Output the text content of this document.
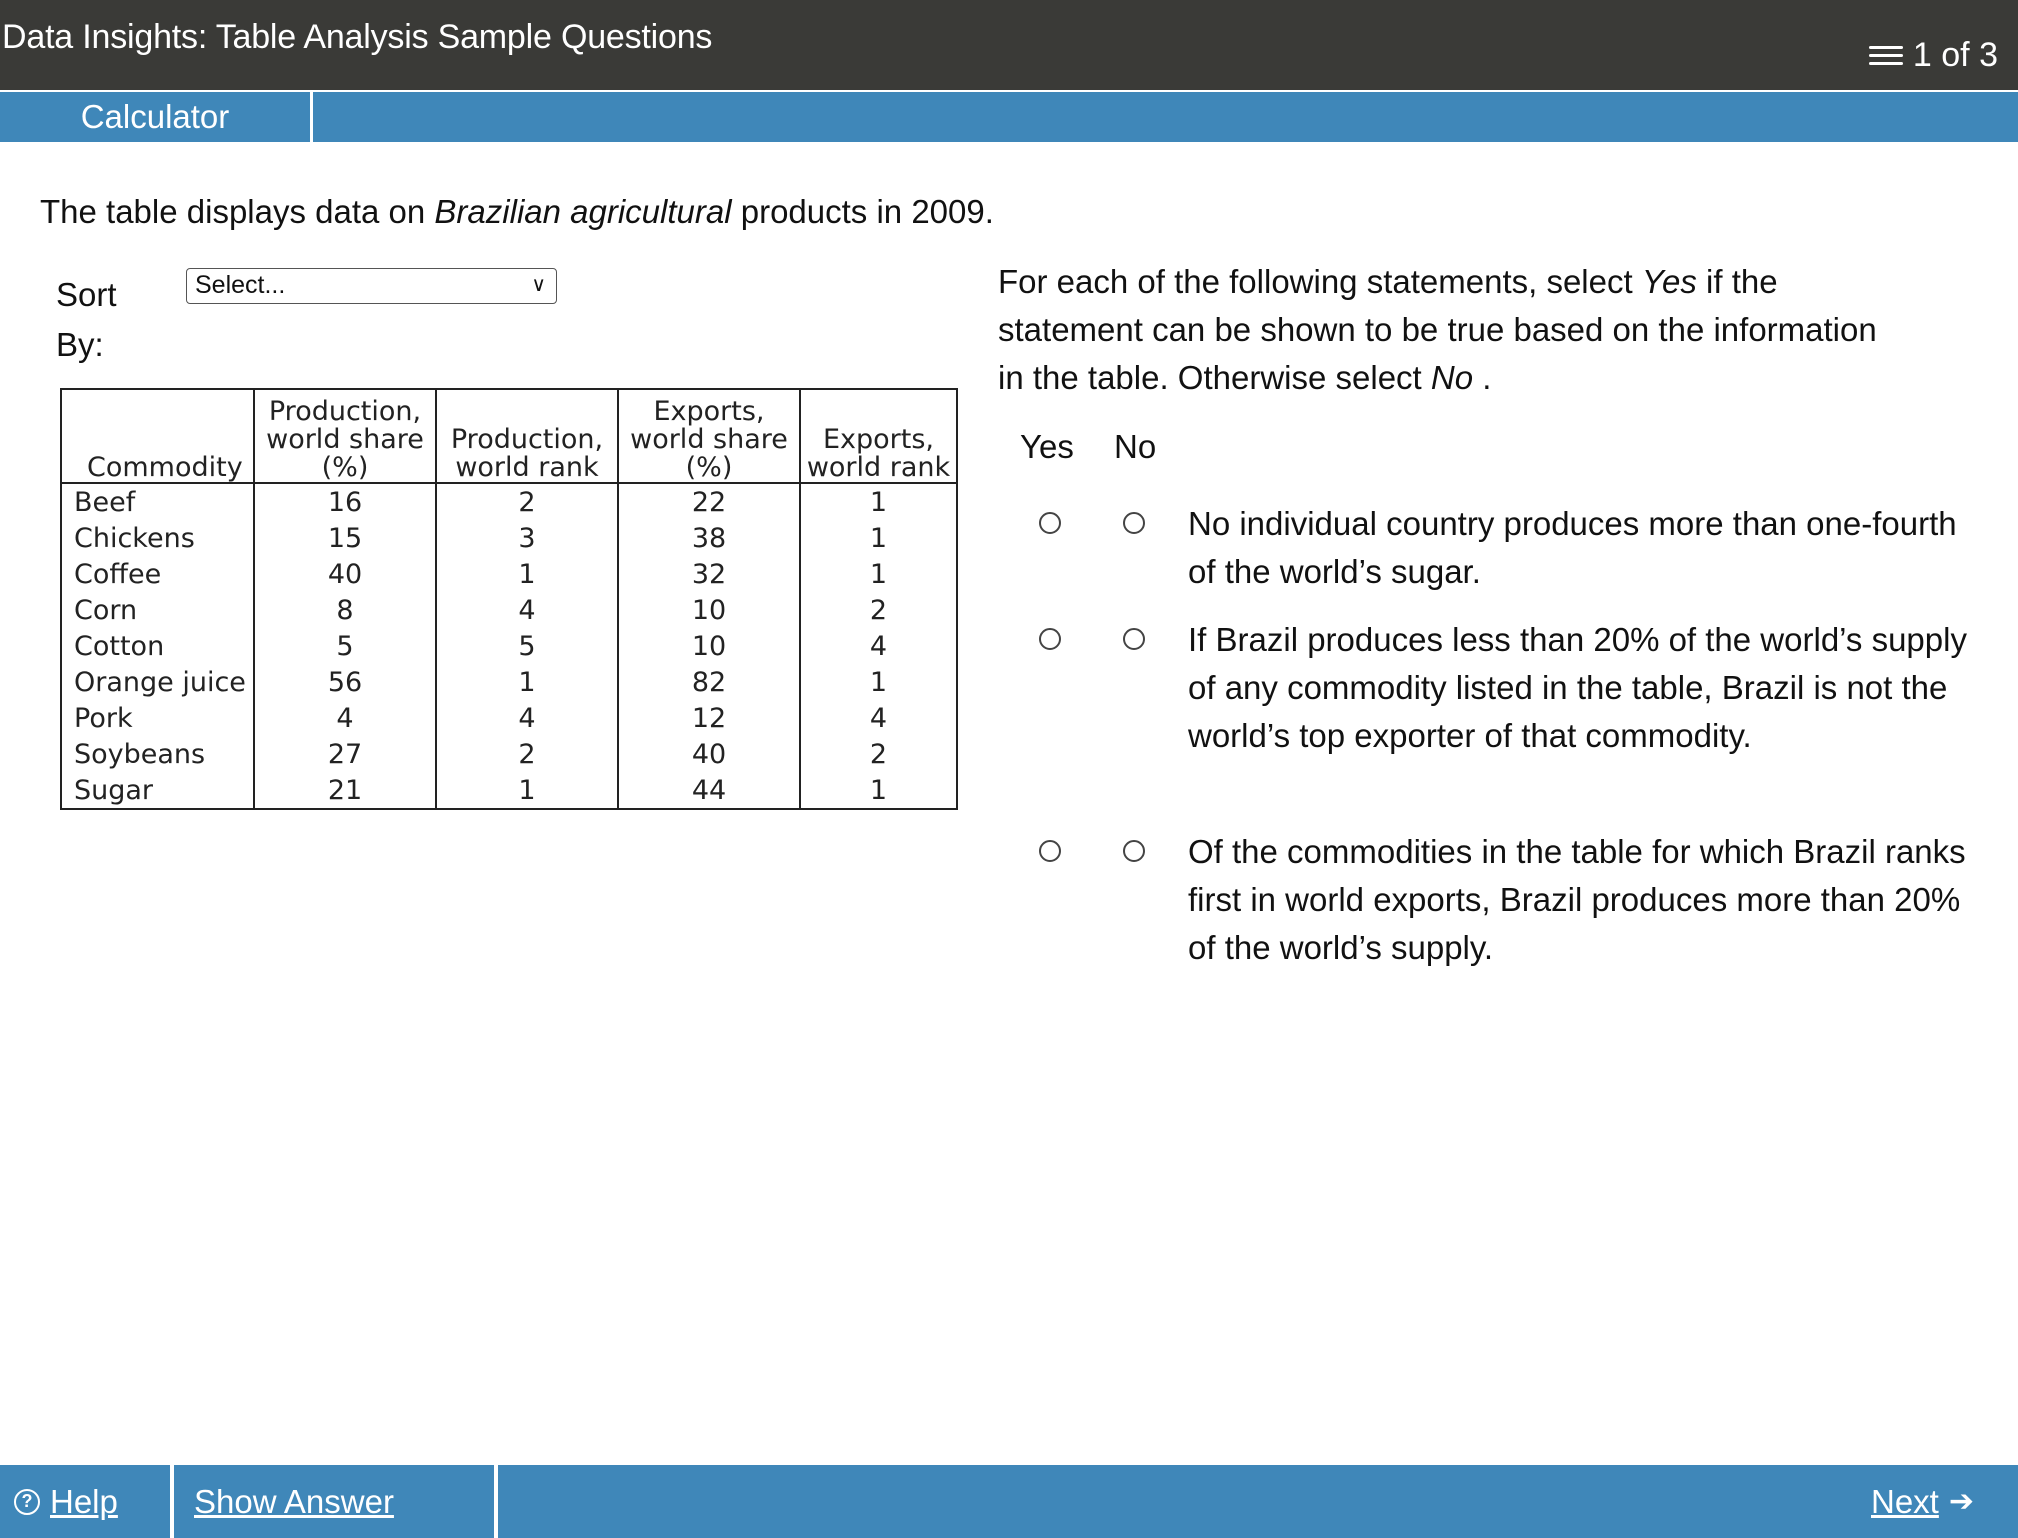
Data Insights: Table Analysis Sample Questions	1 of 3
Calculator
The table displays data on Brazilian agricultural products in 2009.
Sort By:
Select...	∨
Commodity	Production, world share (%)	Production, world rank	Exports, world share (%)	Exports, world rank
Beef	16	2	22	1
Chickens	15	3	38	1
Coffee	40	1	32	1
Corn	8	4	10	2
Cotton	5	5	10	4
Orange juice	56	1	82	1
Pork	4	4	12	4
Soybeans	27	2	40	2
Sugar	21	1	44	1
For each of the following statements, select Yes if the statement can be shown to be true based on the information in the table. Otherwise select No .
Yes No
No individual country produces more than one-fourth of the world’s sugar.
If Brazil produces less than 20% of the world’s supply of any commodity listed in the table, Brazil is not the world’s top exporter of that commodity.
Of the commodities in the table for which Brazil ranks first in world exports, Brazil produces more than 20% of the world’s supply.
? Help Show Answer	Next ➔
